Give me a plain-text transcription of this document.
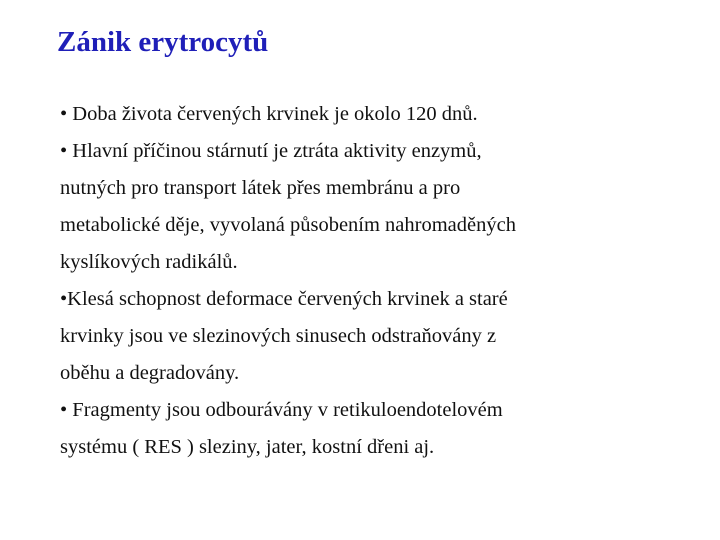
Zánik erytrocytů
• Doba života červených krvinek je okolo 120 dnů.
• Hlavní příčinou stárnutí je ztráta aktivity enzymů,
nutných pro transport látek přes membránu a pro
metabolické děje, vyvolaná působením nahromaděných
kyslíkových radikálů.
•Klesá schopnost deformace červených krvinek a staré
krvinky jsou ve slezinových sinusech odstraňovány z
oběhu a degradovány.
• Fragmenty jsou odbourávány v retikuloendotelovém
systému ( RES ) sleziny, jater, kostní dřeni aj.
